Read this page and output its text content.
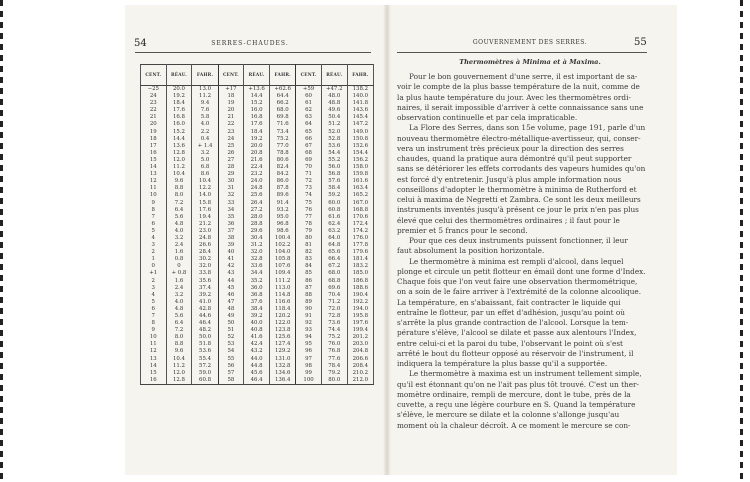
54	SERRES-CHAUDES.
CENT.	RÉAU.	FAHR.	CENT.	RÉAU.	FAHR.	CENT.	RÉAU.	FAHR.
−25	20.0	13.0	+17	+13.6	+62.6	+59	+47.2	138.2
24	19.2	11.2	18	14.4	64.4	60	48.0	140.0
23	18.4	9.4	19	15.2	66.2	61	48.8	141.8
22	17.6	7.6	20	16.0	68.0	62	49.6	143.6
21	16.8	5.8	21	16.8	69.8	63	50.4	145.4
20	16.0	4.0	22	17.6	71.6	64	51.2	147.2
19	15.2	2.2	23	18.4	73.4	65	52.0	149.0
18	14.4	0.4	24	19.2	75.2	66	52.8	150.8
17	13.6	+ 1.4	25	20.0	77.0	67	53.6	152.6
16	12.8	3.2	26	20.8	78.8	68	54.4	154.4
15	12.0	5.0	27	21.6	80.6	69	55.2	156.2
14	11.2	6.8	28	22.4	82.4	70	56.0	158.0
13	10.4	8.6	29	23.2	84.2	71	56.8	159.8
12	9.6	10.4	30	24.0	86.0	72	57.6	161.6
11	8.8	12.2	31	24.8	87.8	73	58.4	163.4
10	8.0	14.0	32	25.6	89.6	74	59.2	165.2
9	7.2	15.8	33	26.4	91.4	75	60.0	167.0
8	6.4	17.6	34	27.2	93.2	76	60.8	168.8
7	5.6	19.4	35	28.0	95.0	77	61.6	170.6
6	4.8	21.2	36	28.8	96.8	78	62.4	172.4
5	4.0	23.0	37	29.6	98.6	79	63.2	174.2
4	3.2	24.8	38	30.4	100.4	80	64.0	176.0
3	2.4	26.6	39	31.2	102.2	81	64.8	177.8
2	1.6	28.4	40	32.0	104.0	82	65.6	179.6
1	0.8	30.2	41	32.8	105.8	83	66.4	181.4
0	0	32.0	42	33.6	107.6	84	67.2	183.2
+1	+ 0.8	33.8	43	34.4	109.4	85	68.0	185.0
2	1.6	35.6	44	35.2	111.2	86	68.8	186.8
3	2.4	37.4	45	36.0	113.0	87	69.6	188.6
4	3.2	39.2	46	36.8	114.8	88	70.4	190.4
5	4.0	41.0	47	37.6	116.6	89	71.2	192.2
6	4.8	42.8	48	38.4	118.4	90	72.0	194.0
7	5.6	44.6	49	39.2	120.2	91	72.8	195.8
8	6.4	46.4	50	40.0	122.0	92	73.6	197.6
9	7.2	48.2	51	40.8	123.8	93	74.4	199.4
10	8.0	50.0	52	41.6	125.6	94	75.2	201.2
11	8.8	51.8	53	42.4	127.4	95	76.0	203.0
12	9.6	53.6	54	43.2	129.2	96	76.8	204.8
13	10.4	55.4	55	44.0	131.0	97	77.6	206.6
14	11.2	57.2	56	44.8	132.8	98	78.4	208.4
15	12.0	59.0	57	45.6	134.6	99	79.2	210.2
16	12.8	60.8	58	46.4	136.4	100	80.0	212.0
55
GOUVERNEMENT DES SERRES.
Thermomètres à Minima et à Maxima.

Pour le bon gouvernement d'une serre, il est important de sa-
voir le compte de la plus basse température de la nuit, comme de
la plus haute température du jour. Avec les thermomètres ordi-
naires, il serait impossible d'arriver à cette connaissance sans une
observation continuelle et par cela impraticable.

La Flore des Serres, dans son 15e volume, page 191, parle d'un
nouveau thermomètre électro-métallique-avertisseur, qui, conser-
vera un instrument très précieux pour la direction des serres
chaudes, quand la pratique aura démontré qu'il peut supporter
sans se détériorer les effets corrodants des vapeurs humides qu'on
est forcé d'y entretenir. Jusqu'à plus ample information nous
conseillons d'adopter le thermomètre à minima de Rutherford et
celui à maxima de Negretti et Zambra. Ce sont les deux meilleurs
instruments inventés jusqu'à présent ce jour le prix n'en pas plus
élevé que celui des thermomètres ordinaires ; il faut pour le
premier et 5 francs pour le second.

Pour que ces deux instruments puissent fonctionner, il leur
faut absolument la position horizontale.

Le thermomètre à minima est rempli d'alcool, dans lequel
plonge et circule un petit flotteur en émail dont une forme d'Index.
Chaque fois que l'on veut faire une observation thermométrique,
on a soin de le faire arriver à l'extrémité de la colonne alcoolique.
La température, en s'abaissant, fait contracter le liquide qui
entraîne le flotteur, par un effet d'adhésion, jusqu'au point où
s'arrête la plus grande contraction de l'alcool. Lorsque la tem-
pérature s'élève, l'alcool se dilate et passe aux alentours l'Index,
entre celui-ci et la paroi du tube, l'observant le point où s'est
arrêté le bout du flotteur opposé au réservoir de l'instrument, il
indiquera la température la plus basse qu'il a supportée.

Le thermomètre à maxima est un instrument tellement simple,
qu'il est étonnant qu'on ne l'ait pas plus tôt trouvé. C'est un ther-
momètre ordinaire, rempli de mercure, dont le tube, près de la
cuvette, a reçu une légère courbure en S. Quand la température
s'élève, le mercure se dilate et la colonne s'allonge jusqu'au
moment où la chaleur décroît. A ce moment le mercure se con-
